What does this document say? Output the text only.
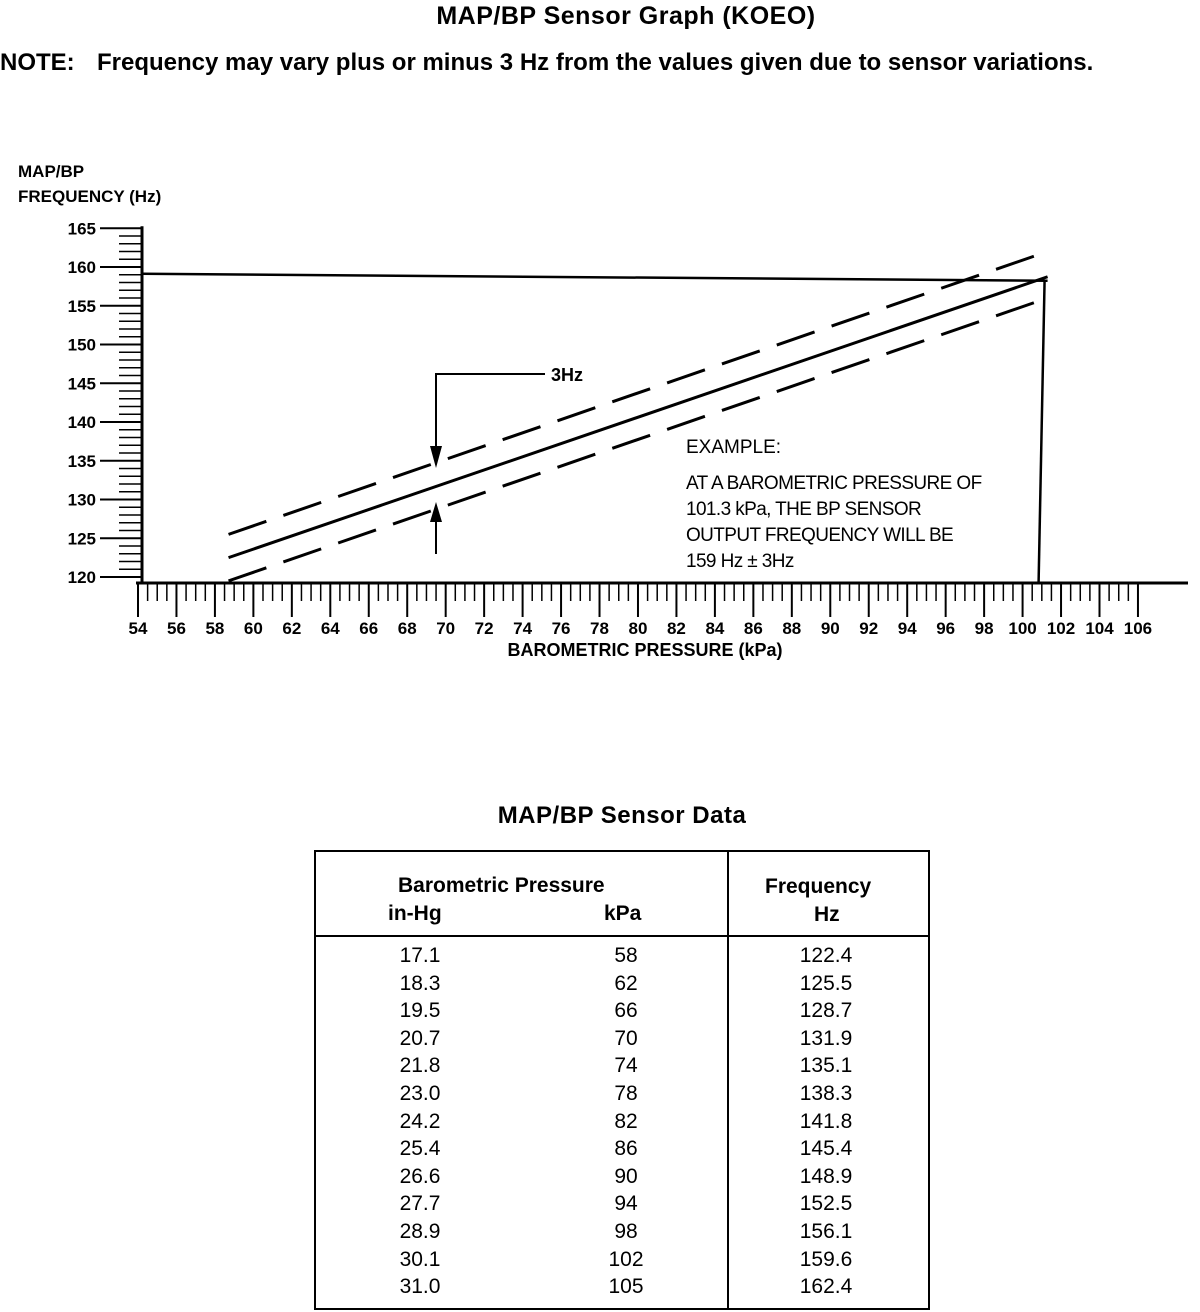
MAP/BP Sensor Graph (KOEO)
NOTE: Frequency may vary plus or minus 3 Hz from the values given due to sensor variations.
MAP/BP
FREQUENCY (Hz)
120
125
130
135
140
145
150
155
160
165
54 56 58 60 62 64 66 68 70 72 74 76 78 80 82 84 86 88 90 92 94 96 98 100 102 104 106
BAROMETRIC PRESSURE (kPa)
3Hz
EXAMPLE:
AT A BAROMETRIC PRESSURE OF
101.3 kPa, THE BP SENSOR
OUTPUT FREQUENCY WILL BE
159 Hz ± 3Hz
MAP/BP Sensor Data
Barometric Pressure
in-Hg	kPa
Frequency
Hz
17.1	58	122.4
18.3	62	125.5
19.5	66	128.7
20.7	70	131.9
21.8	74	135.1
23.0	78	138.3
24.2	82	141.8
25.4	86	145.4
26.6	90	148.9
27.7	94	152.5
28.9	98	156.1
30.1	102	159.6
31.0	105	162.4
